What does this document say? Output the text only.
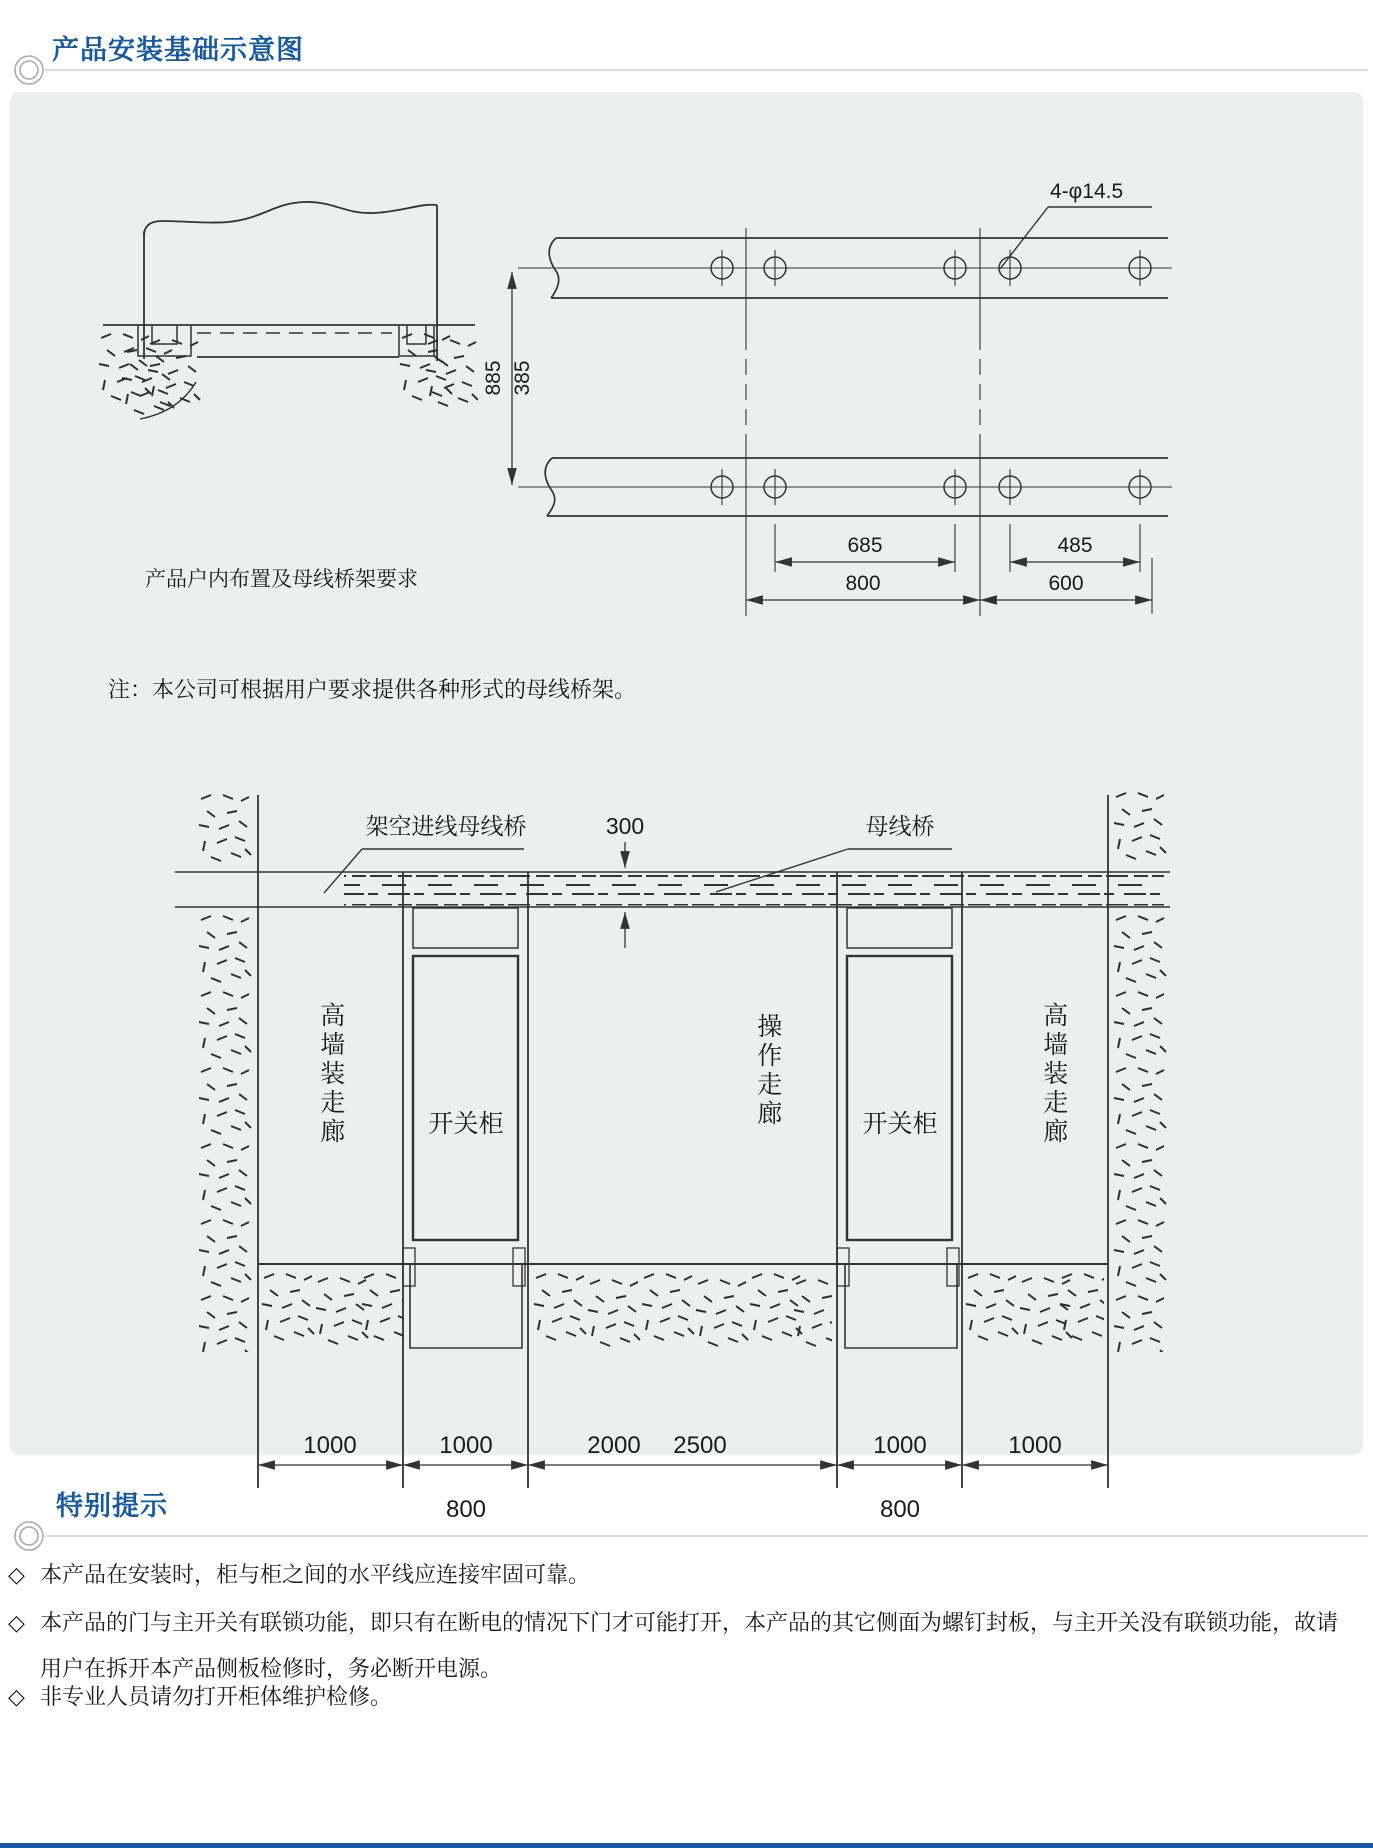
产品安装基础示意图
产品户内布置及母线桥架要求
注：本公司可根据用户要求提供各种形式的母线桥架。
4-φ14.5
885 385
685	485
800	600
架空进线母线桥	300	母线桥
高墙装走廊	开关柜	操作走廊	开关柜	高墙装走廊
1000	1000	2000 2500	1000	1000
800	800
特别提示
◇ 本产品在安装时，柜与柜之间的水平线应连接牢固可靠。
◇ 本产品的门与主开关有联锁功能，即只有在断电的情况下门才可能打开，本产品的其它侧面为螺钉封板，与主开关没有联锁功能，故请
用户在拆开本产品侧板检修时，务必断开电源。
◇ 非专业人员请勿打开柜体维护检修。
